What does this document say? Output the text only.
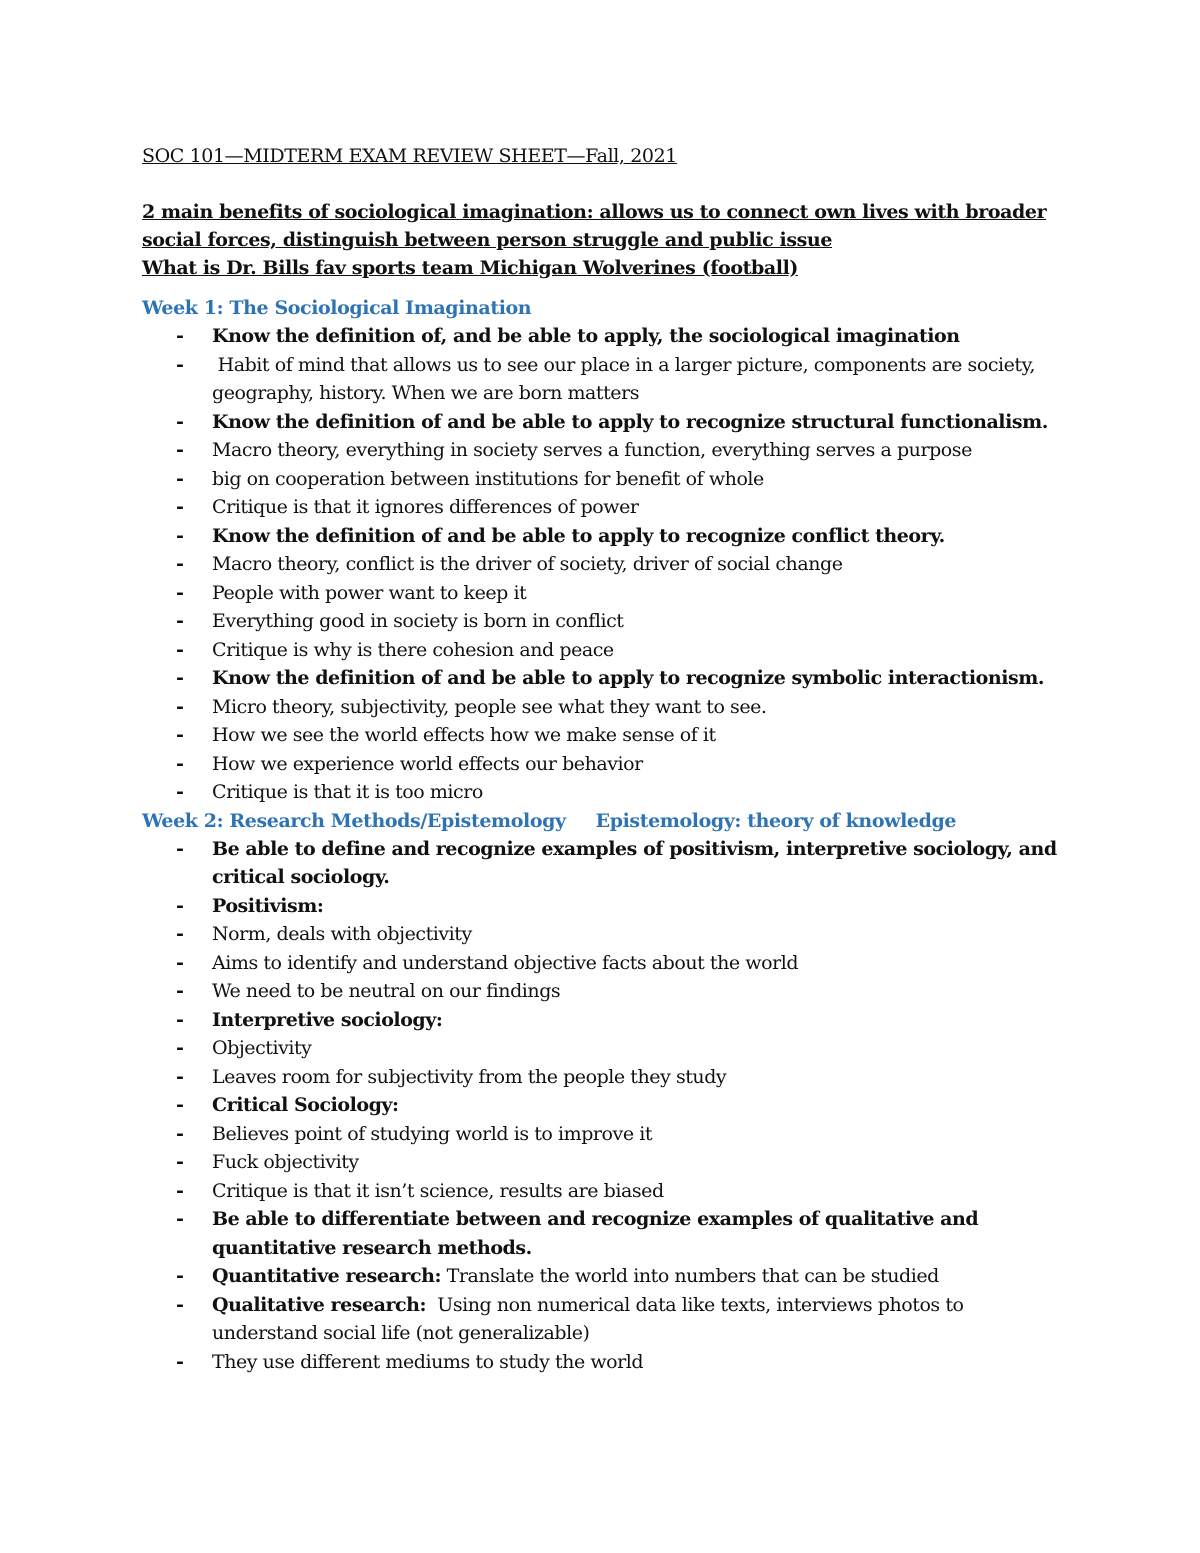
SOC 101—MIDTERM EXAM REVIEW SHEET—Fall, 2021

2 main benefits of sociological imagination: allows us to connect own lives with broader social forces, distinguish between person struggle and public issue

What is Dr. Bills fav sports team Michigan Wolverines (football)
Week 1: The Sociological Imagination
- Know the definition of, and be able to apply, the sociological imagination
- Habit of mind that allows us to see our place in a larger picture, components are society, geography, history. When we are born matters
- Know the definition of and be able to apply to recognize structural functionalism.
- Macro theory, everything in society serves a function, everything serves a purpose
- big on cooperation between institutions for benefit of whole
- Critique is that it ignores differences of power
- Know the definition of and be able to apply to recognize conflict theory.
- Macro theory, conflict is the driver of society, driver of social change
- People with power want to keep it
- Everything good in society is born in conflict
- Critique is why is there cohesion and peace
- Know the definition of and be able to apply to recognize symbolic interactionism.
- Micro theory, subjectivity, people see what they want to see.
- How we see the world effects how we make sense of it
- How we experience world effects our behavior
- Critique is that it is too micro
Week 2: Research Methods/Epistemology Epistemology: theory of knowledge
- Be able to define and recognize examples of positivism, interpretive sociology, and critical sociology.
- Positivism:
- Norm, deals with objectivity
- Aims to identify and understand objective facts about the world
- We need to be neutral on our findings
- Interpretive sociology:
- Objectivity
- Leaves room for subjectivity from the people they study
- Critical Sociology:
- Believes point of studying world is to improve it
- Fuck objectivity
- Critique is that it isn’t science, results are biased
- Be able to differentiate between and recognize examples of qualitative and quantitative research methods.
- Quantitative research: Translate the world into numbers that can be studied
- Qualitative research:  Using non numerical data like texts, interviews photos to understand social life (not generalizable)
- They use different mediums to study the world
